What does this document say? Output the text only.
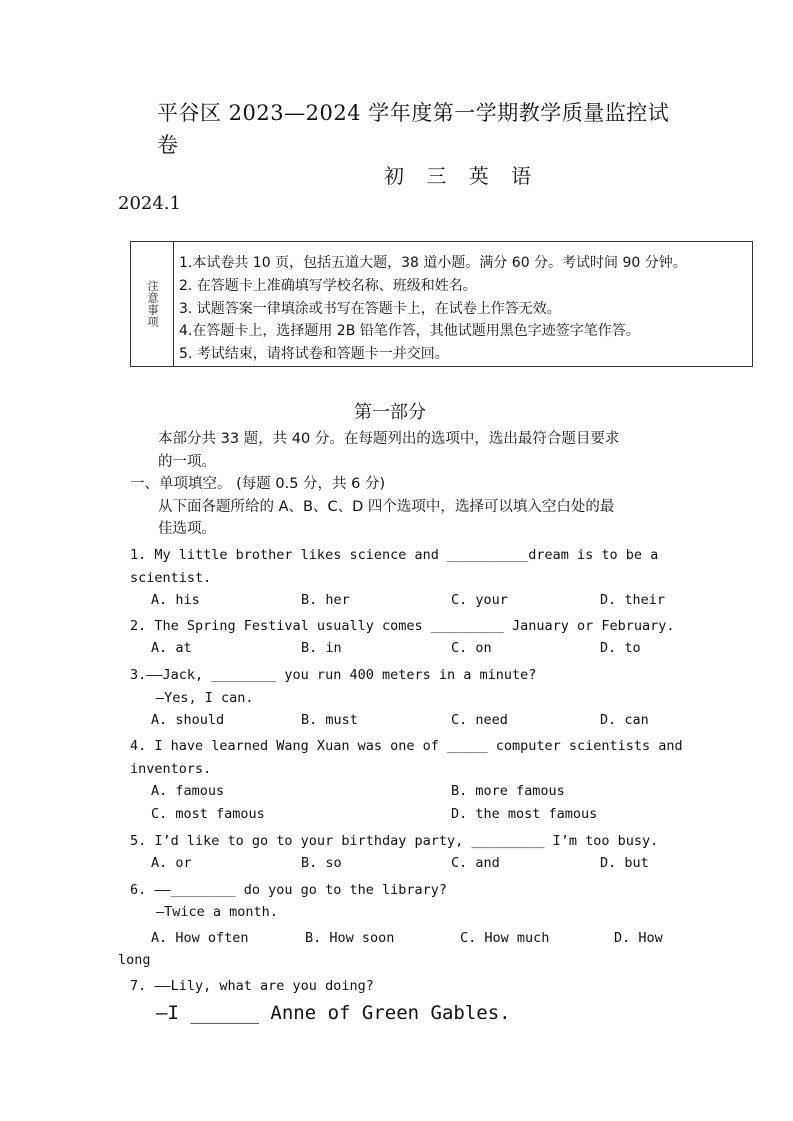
平谷区 2023—2024 学年度第一学期教学质量监控试
卷
初 三 英 语
2024.1
注意事项
1.本试卷共 10 页，包括五道大题，38 道小题。满分 60 分。考试时间 90 分钟。
2. 在答题卡上准确填写学校名称、班级和姓名。
3. 试题答案一律填涂或书写在答题卡上，在试卷上作答无效。
4.在答题卡上，选择题用 2B 铅笔作答，其他试题用黑色字迹签字笔作答。
5. 考试结束，请将试卷和答题卡一并交回。
第一部分
本部分共 33 题，共 40 分。在每题列出的选项中，选出最符合题目要求
的一项。
一、单项填空。 (每题 0.5 分，共 6 分)
从下面各题所给的 A、B、C、D 四个选项中，选择可以填入空白处的最
佳选项。
1. My little brother likes science and __________dream is to be a
scientist.
A. his	B. her	C. your	D. their
2. The Spring Festival usually comes _________ January or February.
A. at	B. in	C. on	D. to
3.——Jack, ________ you run 400 meters in a minute?
—Yes, I can.
A. should	B. must	C. need	D. can
4. I have learned Wang Xuan was one of _____ computer scientists and
inventors.
A. famous	B. more famous
C. most famous	D. the most famous
5. I’d like to go to your birthday party, _________ I’m too busy.
A. or	B. so	C. and	D. but
6. ——________ do you go to the library?
—Twice a month.
A. How often	B. How soon	C. How much	D. How
long
7. ——Lily, what are you doing?
—I ______ Anne of Green Gables.
